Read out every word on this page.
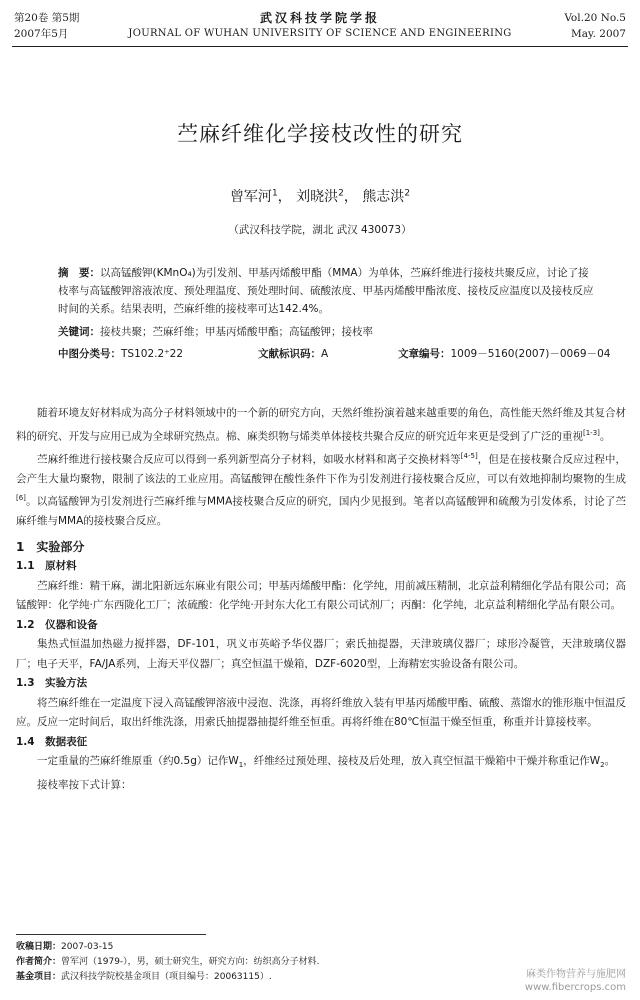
第20卷 第5期
2007年5月
武汉科技学院学报
JOURNAL OF WUHAN UNIVERSITY OF SCIENCE AND ENGINEERING
Vol.20 No.5
May. 2007
苎麻纤维化学接枝改性的研究
曾军河$^1$， 刘晓洪$^2$， 熊志洪$^2$
（武汉科技学院，湖北 武汉 430073）
摘　要：以高锰酸钾(KMnO₄)为引发剂、甲基丙烯酸甲酯（MMA）为单体，苎麻纤维进行接枝共聚反应，讨论了接枝率与高锰酸钾溶液浓度、预处理温度、预处理时间、硫酸浓度、甲基丙烯酸甲酯浓度、接枝反应温度以及接枝反应时间的关系。结果表明，苎麻纤维的接枝率可达142.4%。
关键词：接枝共聚；苎麻纤维；甲基丙烯酸甲酯；高锰酸钾；接枝率
中图分类号：TS102.2⁺22	文献标识码：A	文章编号：1009－5160(2007)－0069－04

随着环境友好材料成为高分子材料领域中的一个新的研究方向，天然纤维扮演着越来越重要的角色，高性能天然纤维及其复合材料的研究、开发与应用已成为全球研究热点。棉、麻类织物与烯类单体接枝共聚合反应的研究近年来更是受到了广泛的重视[1-3]。

苎麻纤维进行接枝聚合反应可以得到一系列新型高分子材料，如吸水材料和离子交换材料等[4-5]，但是在接枝聚合反应过程中，会产生大量均聚物，限制了该法的工业应用。高锰酸钾在酸性条件下作为引发剂进行接枝聚合反应，可以有效地抑制均聚物的生成[6]。以高锰酸钾为引发剂进行苎麻纤维与MMA接枝聚合反应的研究，国内少见报到。笔者以高锰酸钾和硫酸为引发体系，讨论了苎麻纤维与MMA的接枝聚合反应。

1　实验部分

1.1　原材料

苎麻纤维：精干麻，湖北阳新远东麻业有限公司；甲基丙烯酸甲酯：化学纯，用前减压精制，北京益利精细化学品有限公司；高锰酸钾：化学纯·广东西陇化工厂；浓硫酸：化学纯·开封东大化工有限公司试剂厂；丙酮：化学纯，北京益利精细化学品有限公司。

1.2　仪器和设备

集热式恒温加热磁力搅拌器，DF-101，巩义市英峪予华仪器厂；索氏抽提器，天津玻璃仪器厂；球形冷凝管，天津玻璃仪器厂；电子天平，FA/JA系列，上海天平仪器厂；真空恒温干燥箱，DZF-6020型，上海精宏实验设备有限公司。

1.3　实验方法

将苎麻纤维在一定温度下浸入高锰酸钾溶液中浸泡、洗涤，再将纤维放入装有甲基丙烯酸甲酯、硫酸、蒸馏水的锥形瓶中恒温反应。反应一定时间后，取出纤维洗涤，用索氏抽提器抽提纤维至恒重。再将纤维在80℃恒温干燥至恒重，称重并计算接枝率。

1.4　数据表征

一定重量的苎麻纤维原重（约0.5g）记作$W_1$，纤维经过预处理、接枝及后处理，放入真空恒温干燥箱中干燥并称重记作$W_2$。

接枝率按下式计算：

收稿日期：2007-03-15
作者简介：曾军河（1979-），男，硕士研究生，研究方向：纺织高分子材料.
基金项目：武汉科技学院校基金项目（项目编号：20063115）.	麻类作物营养与施肥网
www.fibercrops.com
